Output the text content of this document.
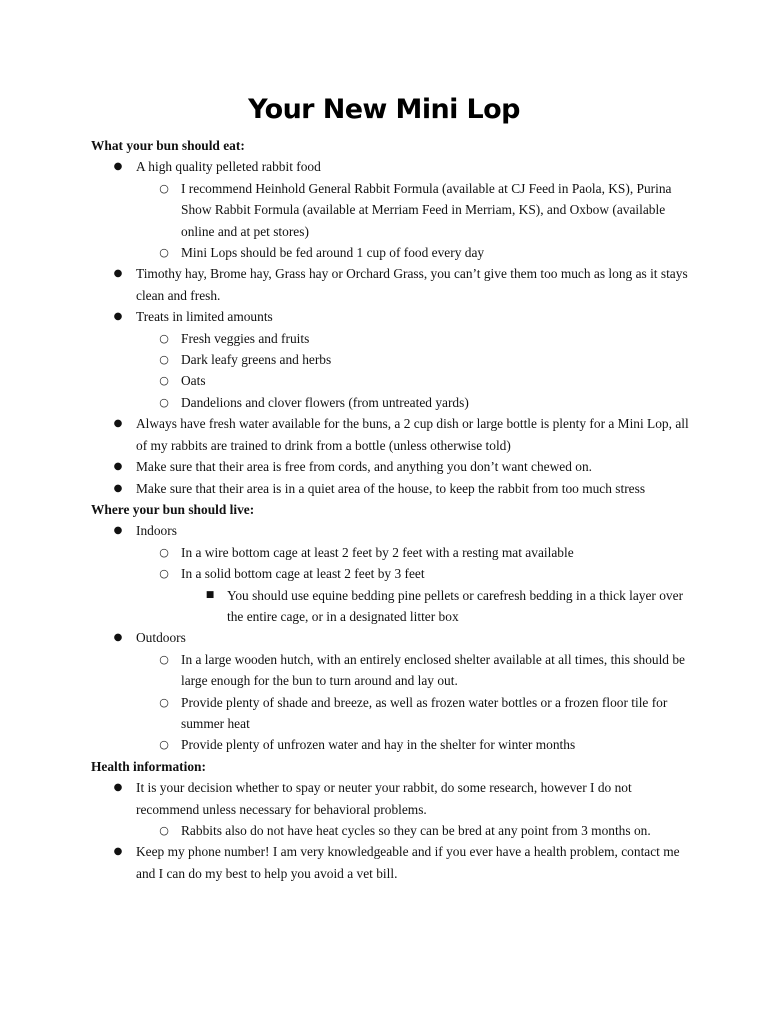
Your New Mini Lop
What your bun should eat:
● A high quality pelleted rabbit food
○ I recommend Heinhold General Rabbit Formula (available at CJ Feed in Paola, KS), Purina Show Rabbit Formula (available at Merriam Feed in Merriam, KS), and Oxbow (available online and at pet stores)
○ Mini Lops should be fed around 1 cup of food every day
● Timothy hay, Brome hay, Grass hay or Orchard Grass, you can’t give them too much as long as it stays clean and fresh.
● Treats in limited amounts
○ Fresh veggies and fruits
○ Dark leafy greens and herbs
○ Oats
○ Dandelions and clover flowers (from untreated yards)
● Always have fresh water available for the buns, a 2 cup dish or large bottle is plenty for a Mini Lop, all of my rabbits are trained to drink from a bottle (unless otherwise told)
● Make sure that their area is free from cords, and anything you don’t want chewed on.
● Make sure that their area is in a quiet area of the house, to keep the rabbit from too much stress
Where your bun should live:
● Indoors
○ In a wire bottom cage at least 2 feet by 2 feet with a resting mat available
○ In a solid bottom cage at least 2 feet by 3 feet
■ You should use equine bedding pine pellets or carefresh bedding in a thick layer over the entire cage, or in a designated litter box
● Outdoors
○ In a large wooden hutch, with an entirely enclosed shelter available at all times, this should be large enough for the bun to turn around and lay out.
○ Provide plenty of shade and breeze, as well as frozen water bottles or a frozen floor tile for summer heat
○ Provide plenty of unfrozen water and hay in the shelter for winter months
Health information:
● It is your decision whether to spay or neuter your rabbit, do some research, however I do not recommend unless necessary for behavioral problems.
○ Rabbits also do not have heat cycles so they can be bred at any point from 3 months on.
● Keep my phone number! I am very knowledgeable and if you ever have a health problem, contact me and I can do my best to help you avoid a vet bill.
